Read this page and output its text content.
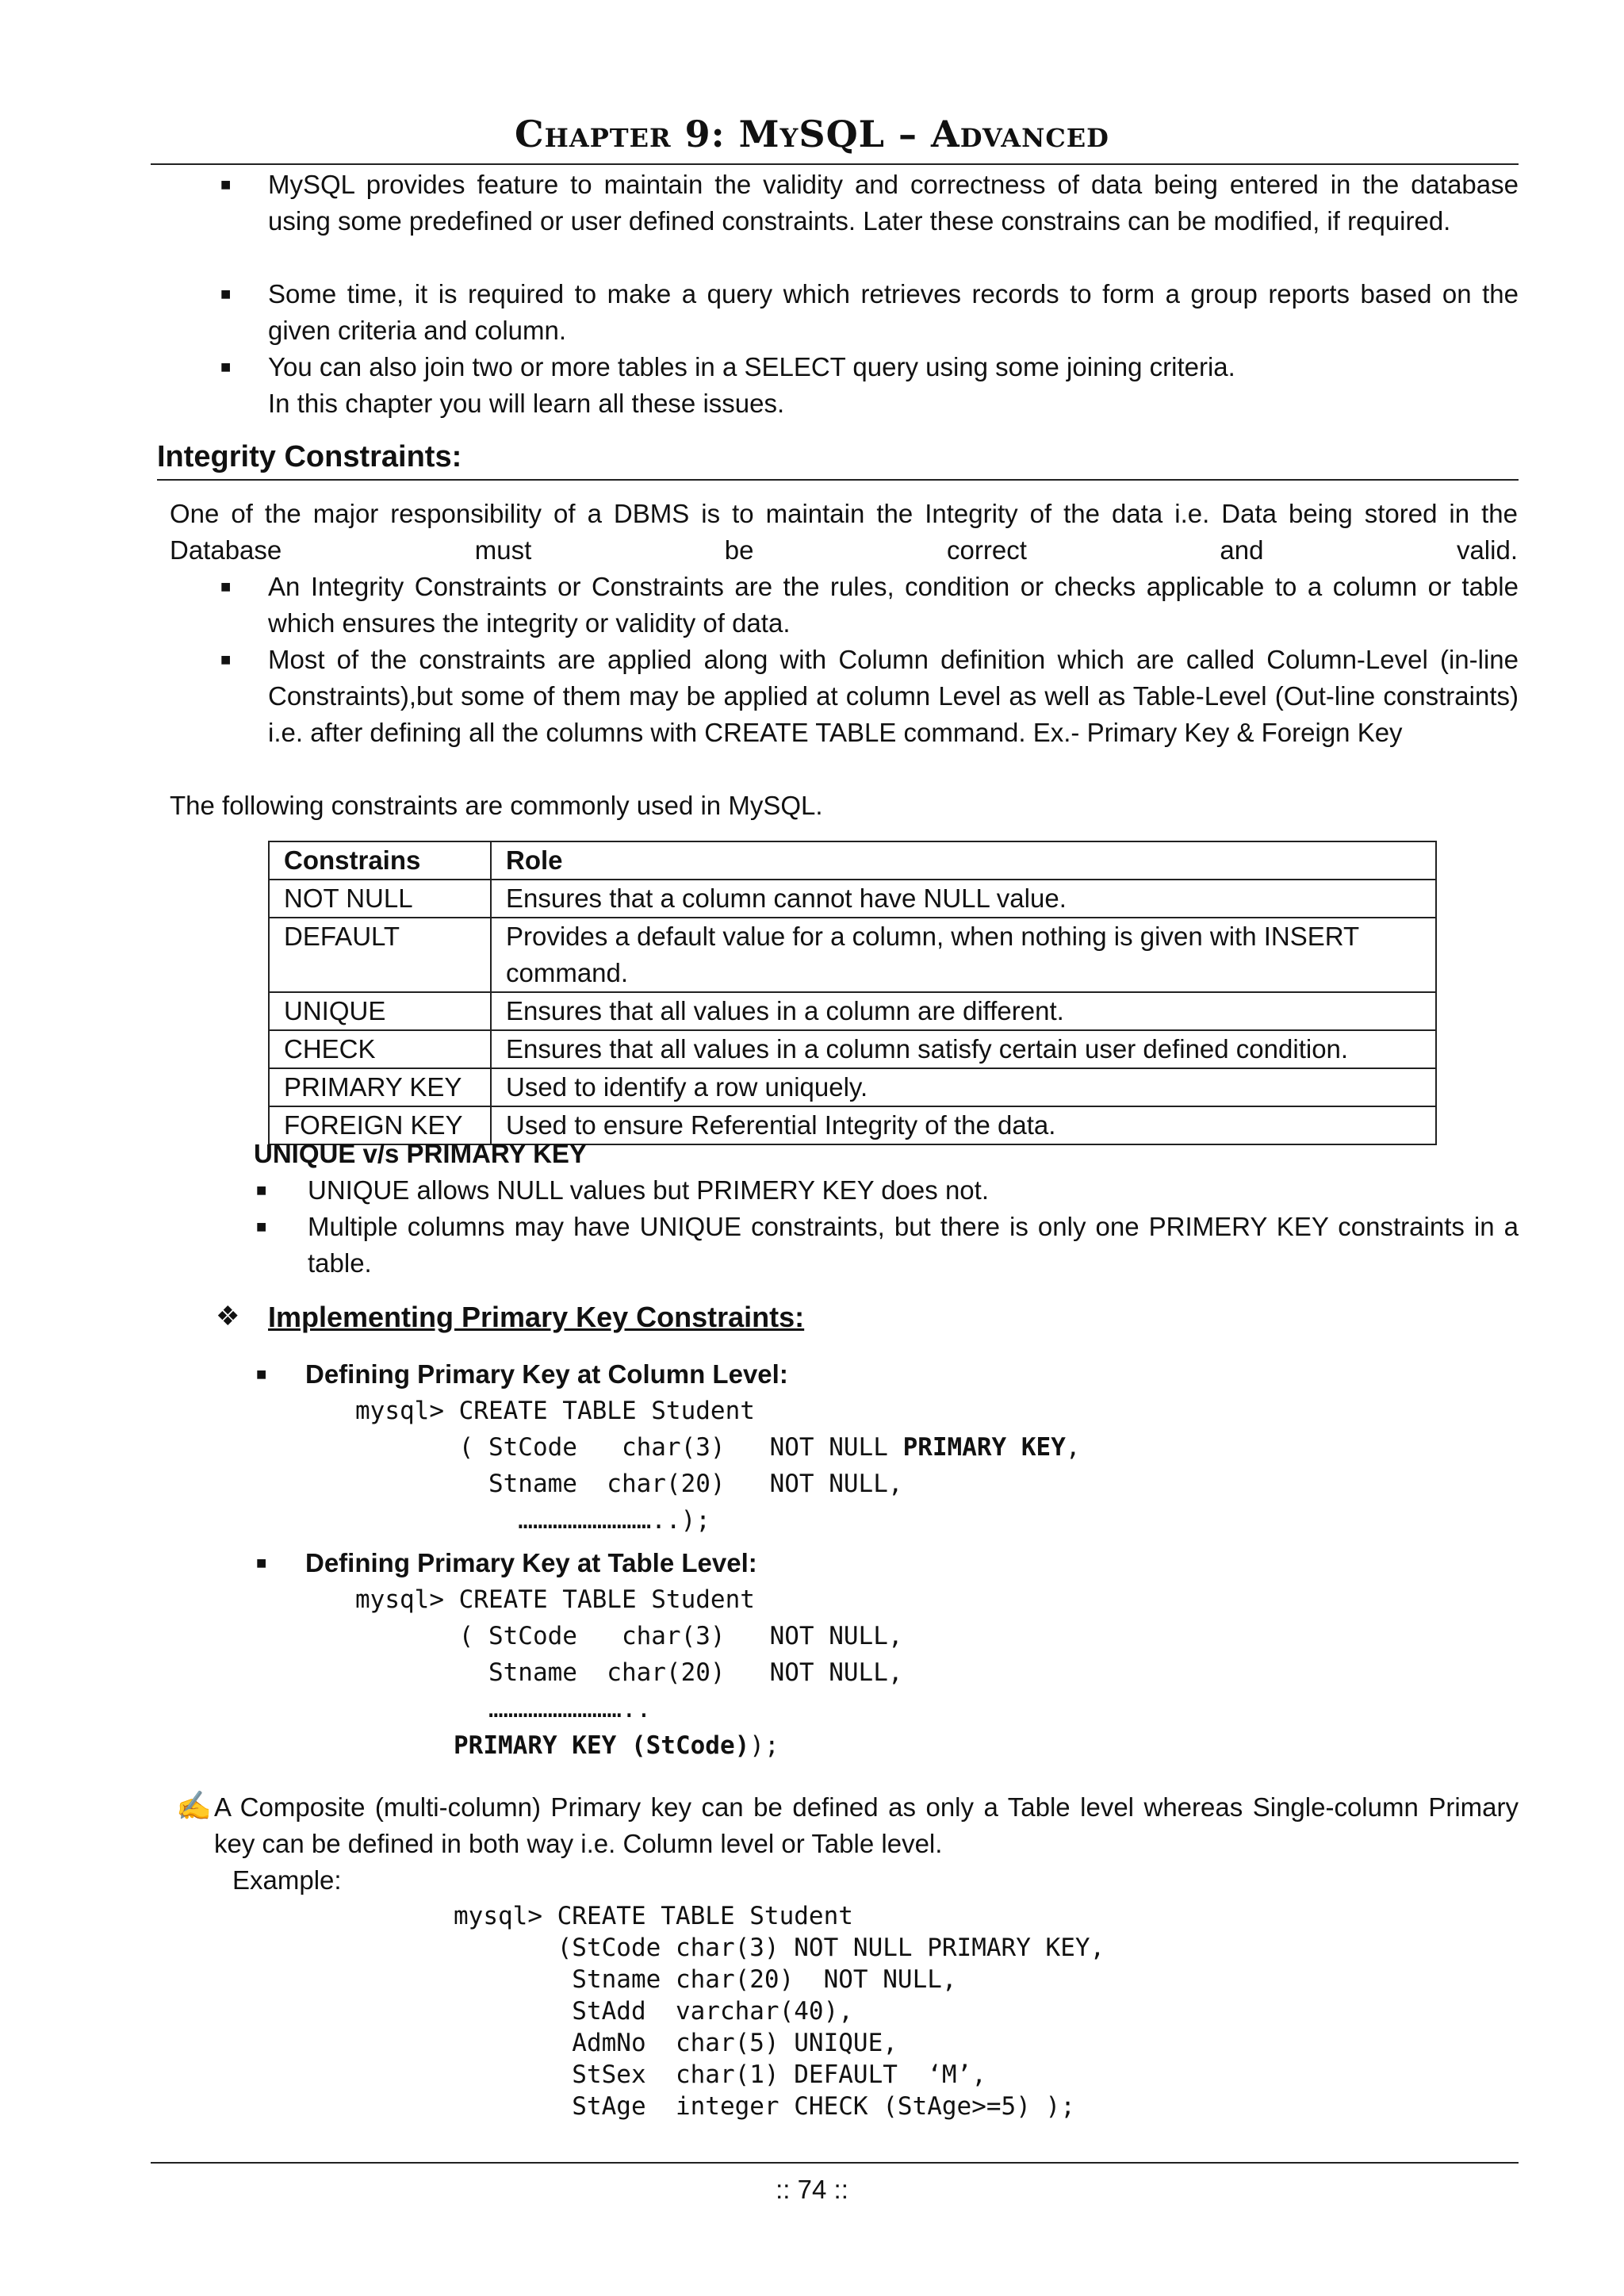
Chapter 9: MySQL – Advanced
■ MySQL provides feature to maintain the validity and correctness of data being entered in the database using some predefined or user defined constraints. Later these constrains can be modified, if required.
■ Some time, it is required to make a query which retrieves records to form a group reports based on the given criteria and column.
■ You can also join two or more tables in a SELECT query using some joining criteria.
In this chapter you will learn all these issues.
Integrity Constraints:
One of the major responsibility of a DBMS is to maintain the Integrity of the data i.e. Data being stored in the Database must be correct and valid.
■ An Integrity Constraints or Constraints are the rules, condition or checks applicable to a column or table which ensures the integrity or validity of data.
■ Most of the constraints are applied along with Column definition which are called Column-Level (in-line Constraints),but some of them may be applied at column Level as well as Table-Level (Out-line constraints) i.e. after defining all the columns with CREATE TABLE command. Ex.- Primary Key & Foreign Key
The following constraints are commonly used in MySQL.
Constrains	Role
NOT NULL	Ensures that a column cannot have NULL value.
DEFAULT	Provides a default value for a column, when nothing is given with INSERT command.
UNIQUE	Ensures that all values in a column are different.
CHECK	Ensures that all values in a column satisfy certain user defined condition.
PRIMARY KEY	Used to identify a row uniquely.
FOREIGN KEY	Used to ensure Referential Integrity of the data.
UNIQUE v/s PRIMARY KEY
■ UNIQUE allows NULL values but PRIMERY KEY does not.
■ Multiple columns may have UNIQUE constraints, but there is only one PRIMERY KEY constraints in a table.
❖ Implementing Primary Key Constraints:
■ Defining Primary Key at Column Level:
mysql> CREATE TABLE Student
( StCode   char(3)   NOT NULL PRIMARY KEY,
Stname  char(20)   NOT NULL,
………………………..);
■ Defining Primary Key at Table Level:
mysql> CREATE TABLE Student
( StCode   char(3)   NOT NULL,
Stname  char(20)   NOT NULL,
………………………..
PRIMARY KEY (StCode));
✍ A Composite (multi-column) Primary key can be defined as only a Table level whereas Single-column Primary key can be defined in both way i.e. Column level or Table level.
Example:
mysql> CREATE TABLE Student
(StCode char(3) NOT NULL PRIMARY KEY,
Stname char(20)  NOT NULL,
StAdd  varchar(40),
AdmNo  char(5) UNIQUE,
StSex  char(1) DEFAULT  ‘M’,
StAge  integer CHECK (StAge>=5) );
:: 74 ::
